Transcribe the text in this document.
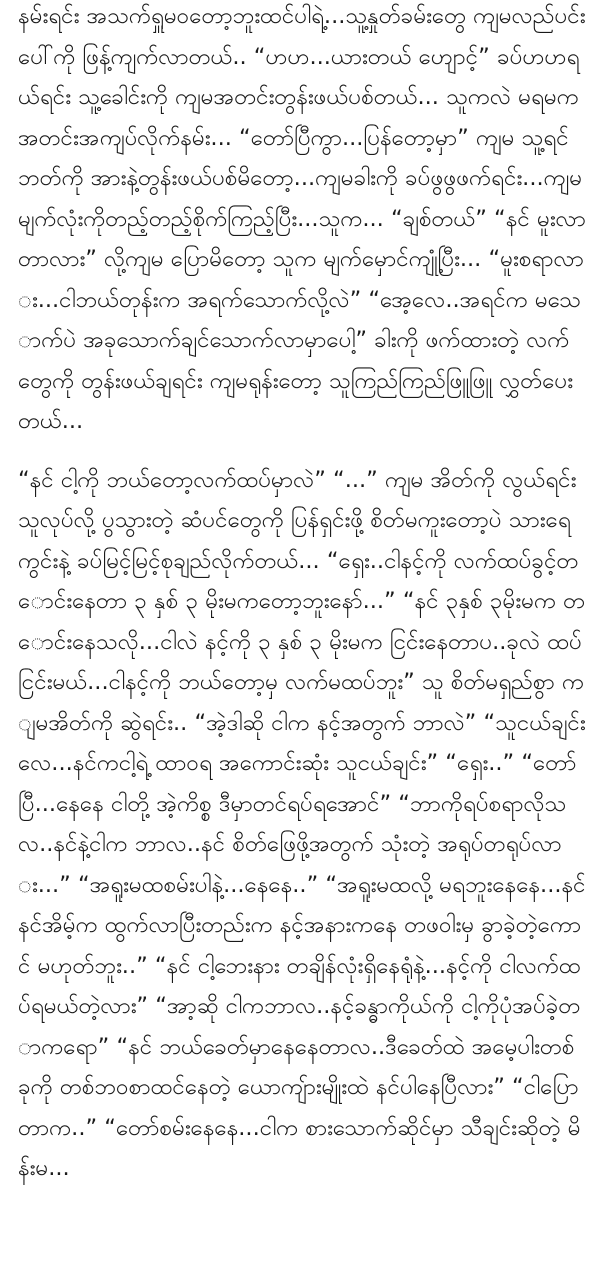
နမ်းရင်း အသက်ရှူမဝတော့ဘူးထင်ပါရဲ့...သူ့နှုတ်ခမ်းတွေ ကျမလည်ပင်းပေါ်ကို ဖြန့်ကျက်လာတယ်.. “ဟဟ...ယားတယ် ဟျောင့်” ခပ်ဟဟရယ်ရင်း သူ့ခေါင်းကို ကျမအတင်းတွန်းဖယ်ပစ်တယ်... သူကလဲ မရမက အတင်းအကျပ်လိုက်နမ်း... “တော်ပြီကွာ...ပြန်တော့မှာ” ကျမ သူ့ရင်ဘတ်ကို အားနဲ့တွန်းဖယ်ပစ်မိတော့...ကျမခါးကို ခပ်ဖွဖွဖက်ရင်း...ကျမ မျက်လုံးကိုတည့်တည့်စိုက်ကြည့်ပြီး...သူက... “ချစ်တယ်” “နင် မူးလာတာလား” လို့ကျမ ပြောမိတော့ သူက မျက်မှောင်ကျုံ့ပြီး... “မူးစရာလား...ငါဘယ်တုန်းက အရက်သောက်လို့လဲ” “အေ့လေ..အရင်က မသောက်ပဲ အခုသောက်ချင်သောက်လာမှာပေါ့” ခါးကို ဖက်ထားတဲ့ လက်တွေကို တွန်းဖယ်ချရင်း ကျမရုန်းတော့ သူကြည်ကြည်ဖြူဖြူ လွှတ်ပေးတယ်...

“နင် ငါ့ကို ဘယ်တော့လက်ထပ်မှာလဲ” “...” ကျမ အိတ်ကို လွယ်ရင်း သူလုပ်လို့ ပွသွားတဲ့ ဆံပင်တွေကို ပြန်ရှင်းဖို့ စိတ်မကူးတော့ပဲ သားရေကွင်းနဲ့ ခပ်မြင့်မြင့်စုချည်လိုက်တယ်... “ရှေး..ငါနင့်ကို လက်ထပ်ခွင့်တောင်းနေတာ ၃ နှစ် ၃ မိုးမကတော့ဘူးနော်...” “နင် ၃နှစ် ၃မိုးမက တောင်းနေသလို...ငါလဲ နင့်ကို ၃ နှစ် ၃ မိုးမက ငြင်းနေတာပ..ခုလဲ ထပ်ငြင်းမယ်...ငါနင့်ကို ဘယ်တော့မှ လက်မထပ်ဘူး” သူ စိတ်မရှည်စွာ ကျမအိတ်ကို ဆွဲရင်း.. “အဲ့ဒါဆို ငါက နင့်အတွက် ဘာလဲ” “သူငယ်ချင်းလေ...နင်ကငါ့ရဲ့ ထာဝရ အကောင်းဆုံး သူငယ်ချင်း” “ရှေး..” “တော်ပြီ...နေနေ ငါတို့ အဲ့ကိစ္စ ဒီမှာတင်ရပ်ရအောင်” “ဘာကိုရပ်စရာလိုသလ..နင်နဲ့ငါက ဘာလ..နင် စိတ်ဖြေဖို့အတွက် သုံးတဲ့ အရုပ်တရုပ်လား...” “အရူးမထစမ်းပါနဲ့...နေနေ..” “အရူးမထလို့ မရဘူးနေနေ...နင် နင်အိမ့်က ထွက်လာပြီးတည်းက နင့်အနားကနေ တဖဝါးမှ ခွာခဲ့တဲ့ကောင် မဟုတ်ဘူး..” “နင် ငါ့ဘေးနား တချိန်လုံးရှိနေရုံနဲ့...နင့်ကို ငါလက်ထပ်ရမယ်တဲ့လား” “အာ့ဆို ငါကဘာလ..နင့်ခန္ဓာကိုယ်ကို ငါ့ကိုပုံအပ်ခဲ့တာကရော” “နင် ဘယ်ခေတ်မှာနေနေတာလ..ဒီခေတ်ထဲ အမေ့ပါးတစ်ခုကို တစ်ဘဝစာထင်နေတဲ့ ယောကျ်ားမျိုးထဲ နင်ပါနေပြီလား” “ငါပြောတာက..” “တော်စမ်းနေနေ...ငါက စားသောက်ဆိုင်မှာ သီချင်းဆိုတဲ့ မိန်းမ...
